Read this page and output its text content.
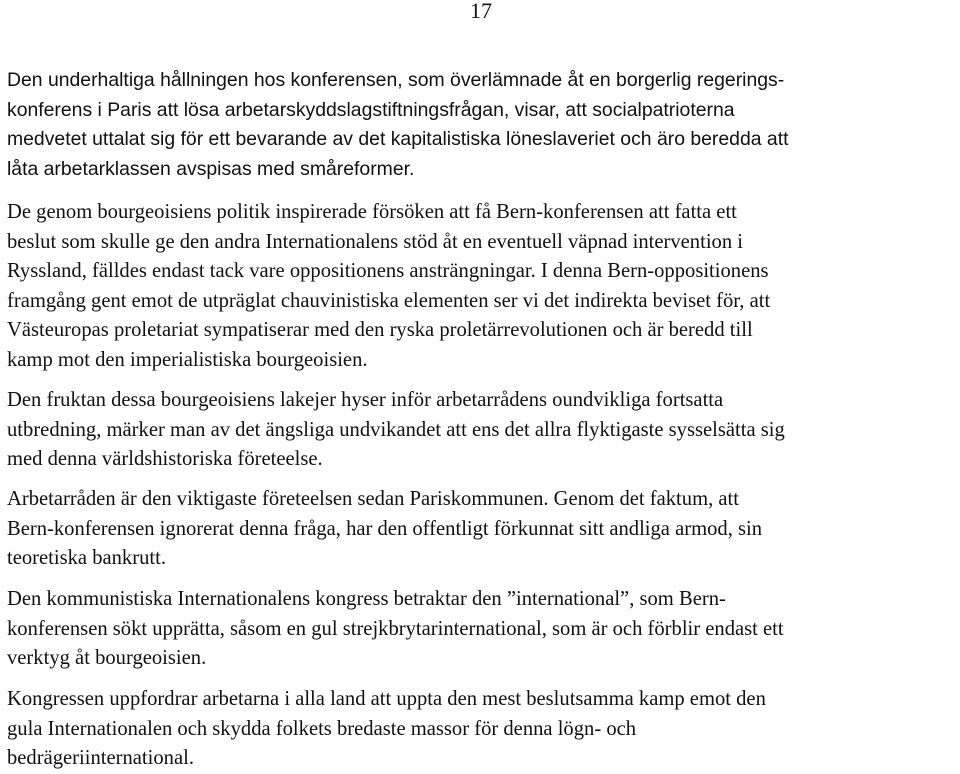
17

Den underhaltiga hållningen hos konferensen, som överlämnade åt en borgerlig regerings-
konferens i Paris att lösa arbetarskyddslagstiftningsfrågan, visar, att socialpatrioterna
medvetet uttalat sig för ett bevarande av det kapitalistiska löneslaveriet och äro beredda att
låta arbetarklassen avspisas med småreformer.

De genom bourgeoisiens politik inspirerade försöken att få Bern-konferensen att fatta ett
beslut som skulle ge den andra Internationalens stöd åt en eventuell väpnad intervention i
Ryssland, fälldes endast tack vare oppositionens ansträngningar. I denna Bern-oppositionens
framgång gent emot de utpräglat chauvinistiska elementen ser vi det indirekta beviset för, att
Västeuropas proletariat sympatiserar med den ryska proletärrevolutionen och är beredd till
kamp mot den imperialistiska bourgeoisien.

Den fruktan dessa bourgeoisiens lakejer hyser inför arbetarrådens oundvikliga fortsatta
utbredning, märker man av det ängsliga undvikandet att ens det allra flyktigaste sysselsätta sig
med denna världshistoriska företeelse.

Arbetarråden är den viktigaste företeelsen sedan Pariskommunen. Genom det faktum, att
Bern-konferensen ignorerat denna fråga, har den offentligt förkunnat sitt andliga armod, sin
teoretiska bankrutt.

Den kommunistiska Internationalens kongress betraktar den ”international”, som Bern-
konferensen sökt upprätta, såsom en gul strejkbrytarinternational, som är och förblir endast ett
verktyg åt bourgeoisien.

Kongressen uppfordrar arbetarna i alla land att uppta den mest beslutsamma kamp emot den
gula Internationalen och skydda folkets bredaste massor för denna lögn- och
bedrägeriinternational.
